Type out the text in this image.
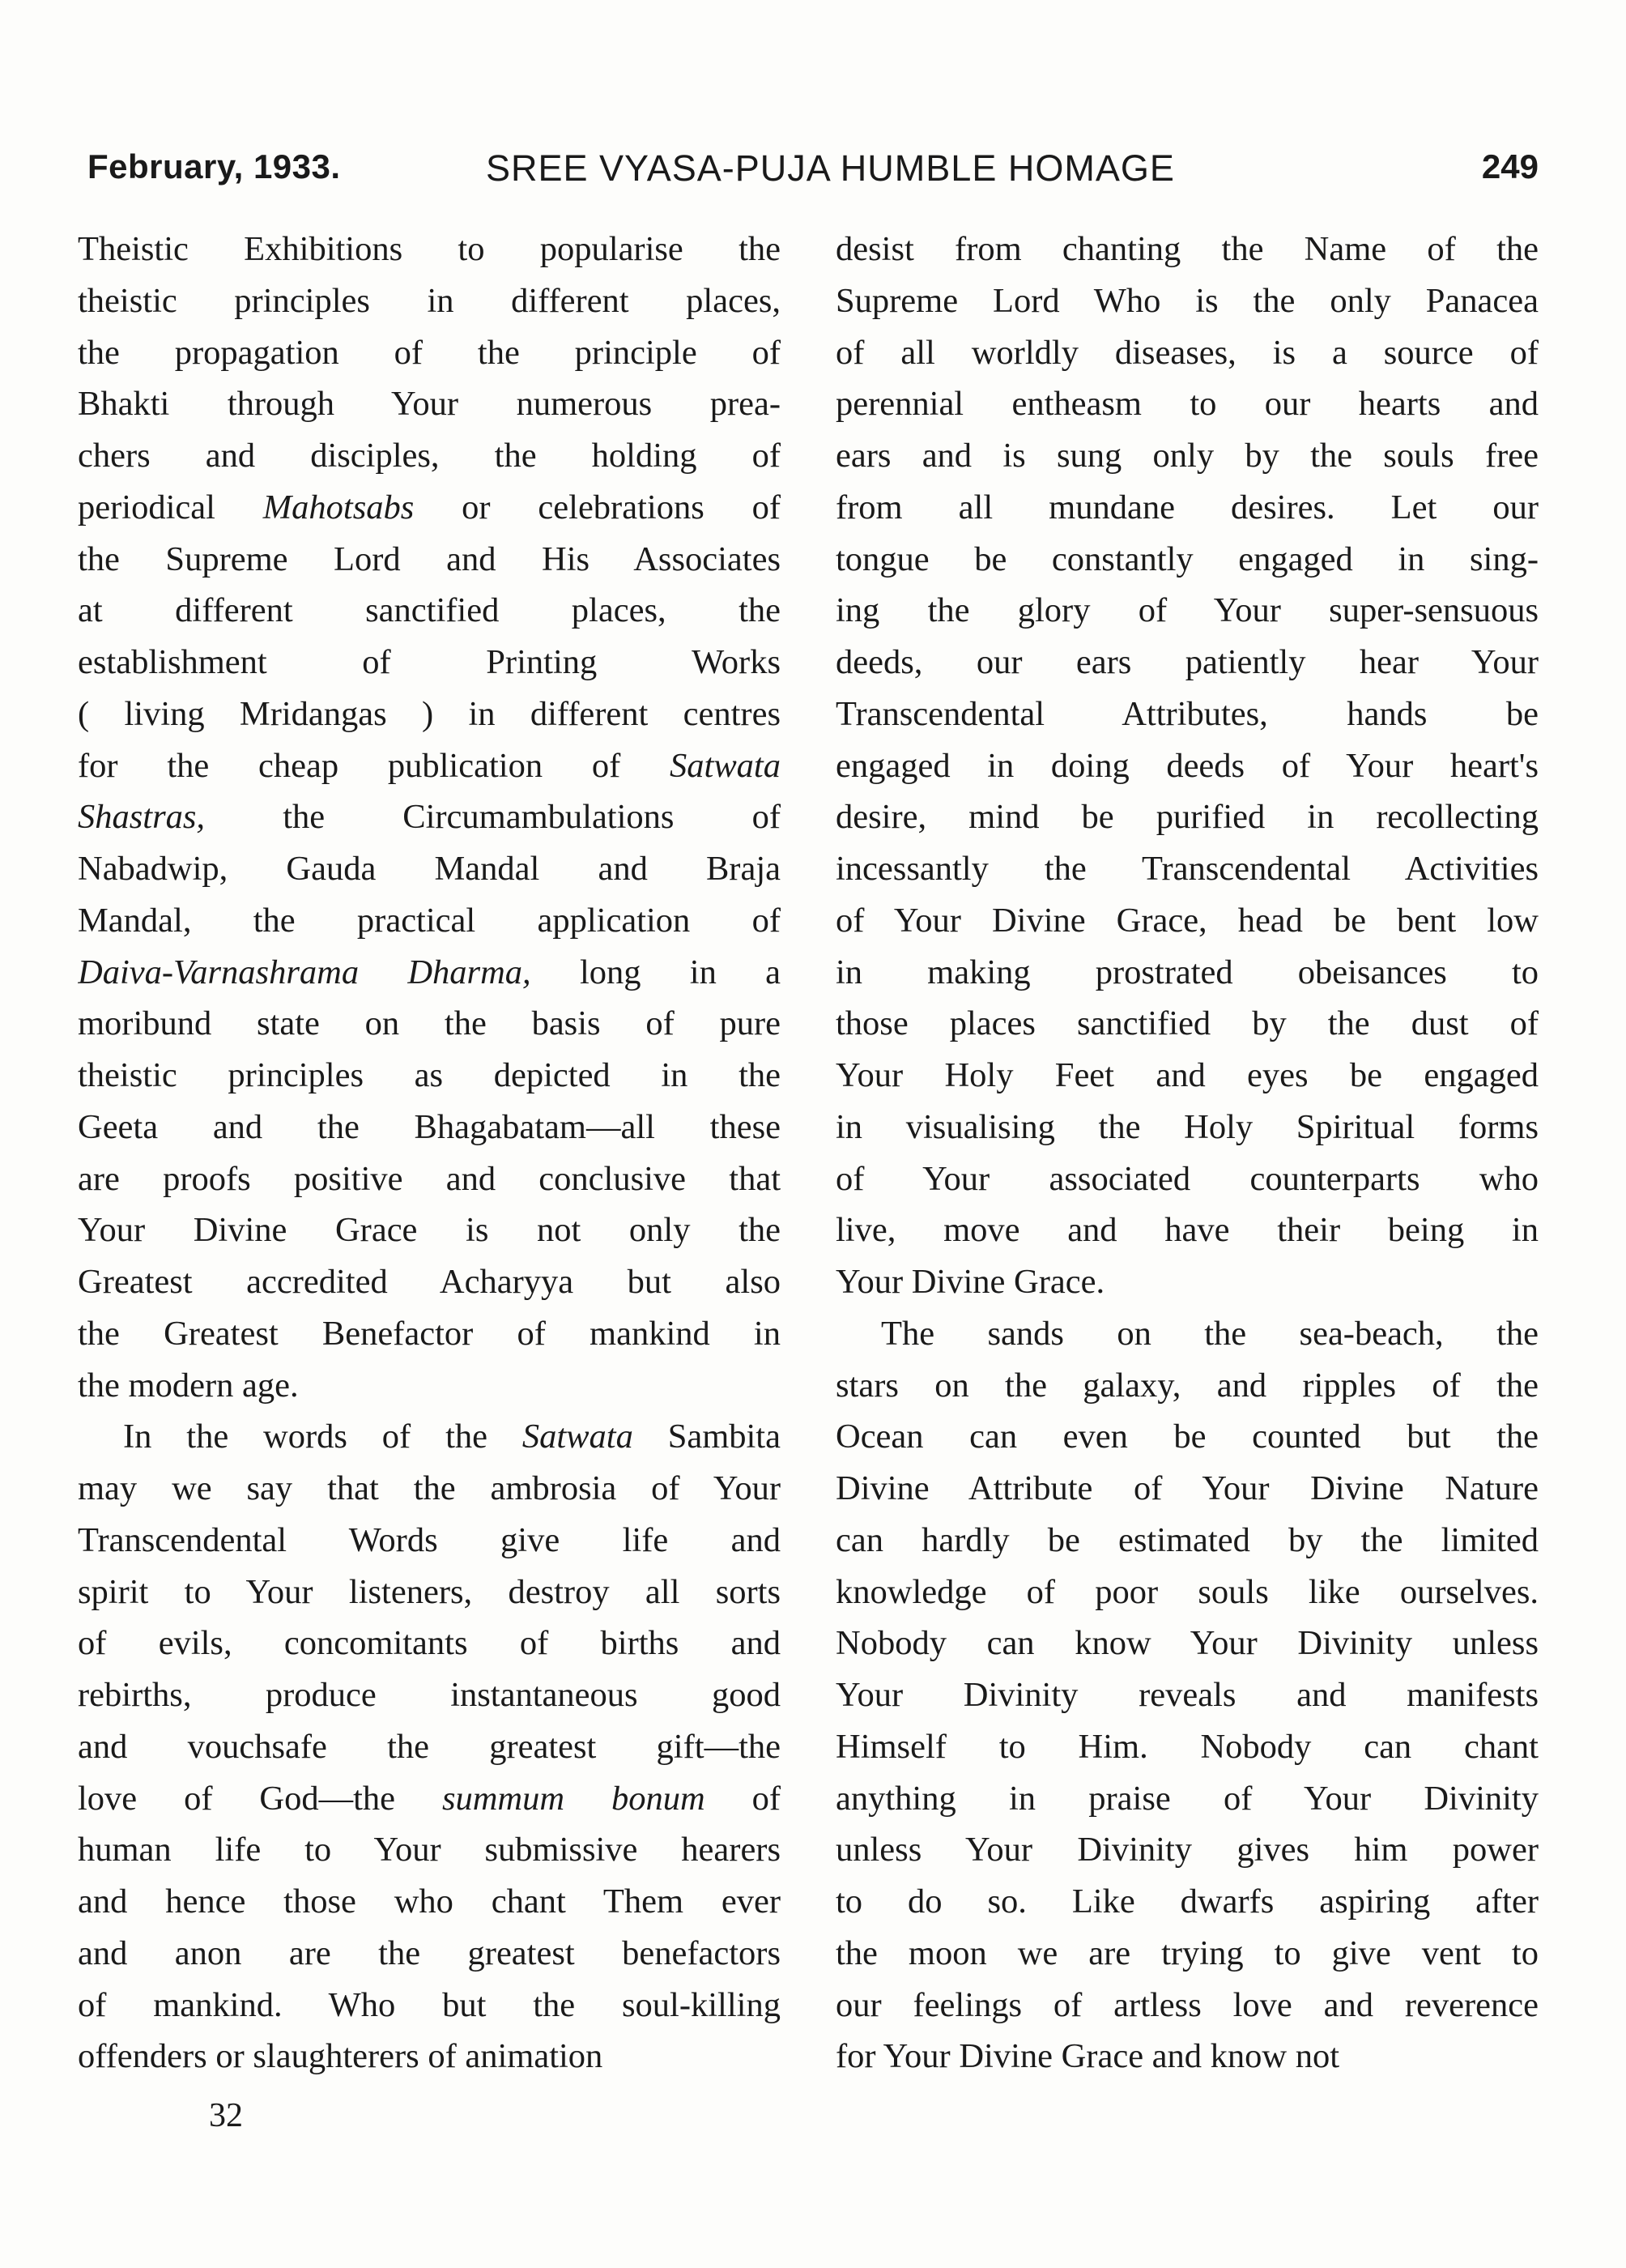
February, 1933.	SREE VYASA-PUJA HUMBLE HOMAGE	249
Theistic Exhibitions to popularise the
theistic principles in different places,
the propagation of the principle of
Bhakti through Your numerous prea-
chers and disciples, the holding of
periodical Mahotsabs or celebrations of
the Supreme Lord and His Associates
at different sanctified places, the
establishment of Printing Works
( living Mridangas ) in different centres
for the cheap publication of Satwata
Shastras, the Circumambulations of
Nabadwip, Gauda Mandal and Braja
Mandal, the practical application of
Daiva-Varnashrama Dharma, long in a
moribund state on the basis of pure
theistic principles as depicted in the
Geeta and the Bhagabatam—all these
are proofs positive and conclusive that
Your Divine Grace is not only the
Greatest accredited Acharyya but also
the Greatest Benefactor of mankind in
the modern age.
In the words of the Satwata Sambita
may we say that the ambrosia of Your
Transcendental Words give life and
spirit to Your listeners, destroy all sorts
of evils, concomitants of births and
rebirths, produce instantaneous good
and vouchsafe the greatest gift—the
love of God—the summum bonum of
human life to Your submissive hearers
and hence those who chant Them ever
and anon are the greatest benefactors
of mankind. Who but the soul-killing
offenders or slaughterers of animation
desist from chanting the Name of the
Supreme Lord Who is the only Panacea
of all worldly diseases, is a source of
perennial entheasm to our hearts and
ears and is sung only by the souls free
from all mundane desires. Let our
tongue be constantly engaged in sing-
ing the glory of Your super-sensuous
deeds, our ears patiently hear Your
Transcendental Attributes, hands be
engaged in doing deeds of Your heart's
desire, mind be purified in recollecting
incessantly the Transcendental Activities
of Your Divine Grace, head be bent low
in making prostrated obeisances to
those places sanctified by the dust of
Your Holy Feet and eyes be engaged
in visualising the Holy Spiritual forms
of Your associated counterparts who
live, move and have their being in
Your Divine Grace.
The sands on the sea-beach, the
stars on the galaxy, and ripples of the
Ocean can even be counted but the
Divine Attribute of Your Divine Nature
can hardly be estimated by the limited
knowledge of poor souls like ourselves.
Nobody can know Your Divinity unless
Your Divinity reveals and manifests
Himself to Him. Nobody can chant
anything in praise of Your Divinity
unless Your Divinity gives him power
to do so. Like dwarfs aspiring after
the moon we are trying to give vent to
our feelings of artless love and reverence
for Your Divine Grace and know not
32
